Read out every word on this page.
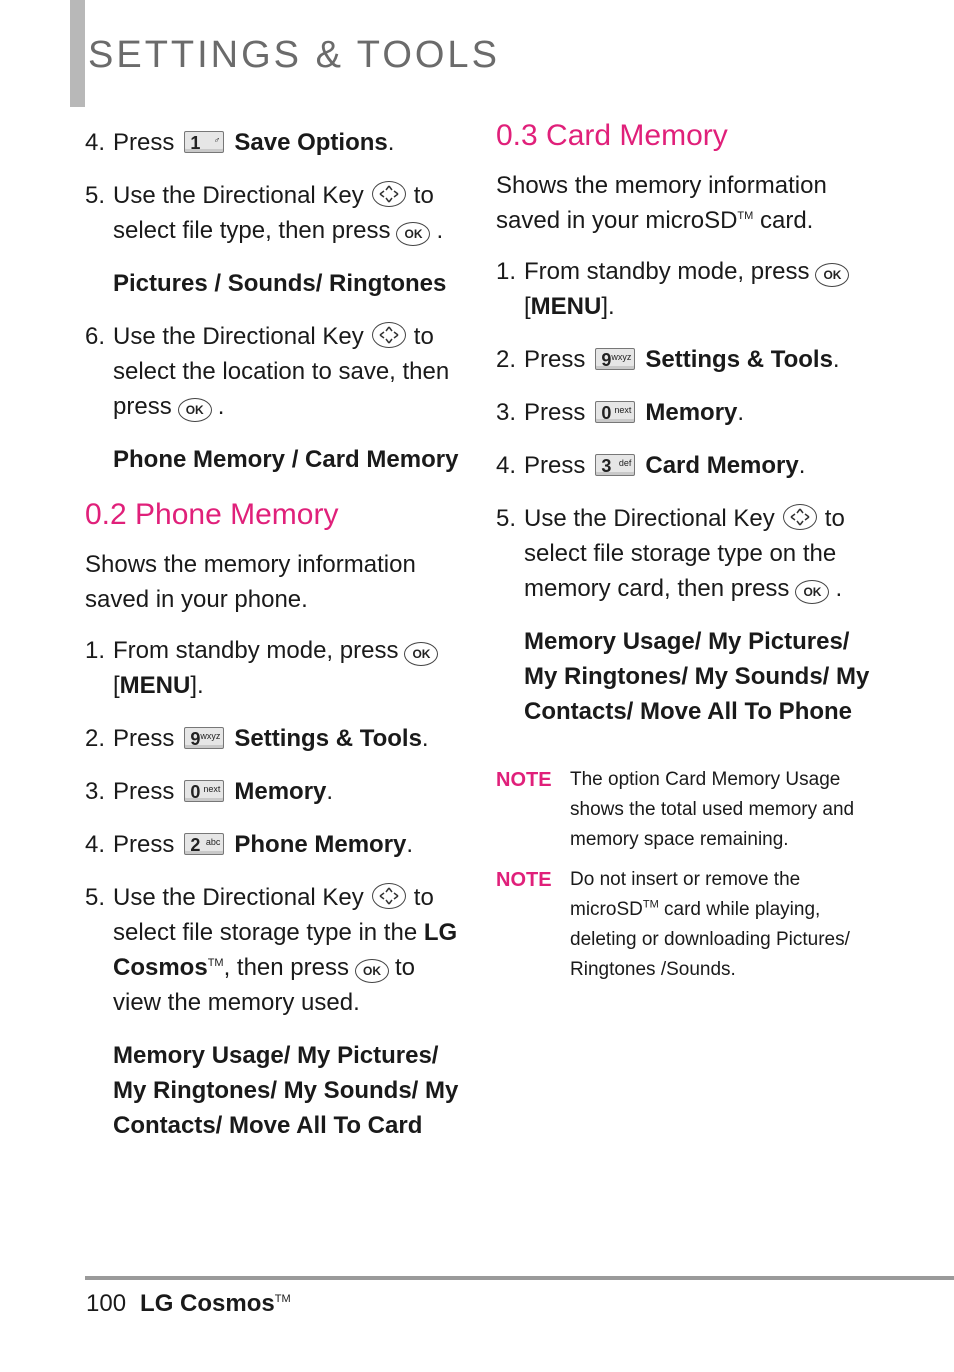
SETTINGS & TOOLS
4. Press 1 ♂ Save Options.
5. Use the Directional Key to
select file type, then press OK .
Pictures / Sounds/ Ringtones
6. Use the Directional Key to
select the location to save, then
press OK .
Phone Memory / Card Memory
0.2 Phone Memory

Shows the memory information saved in your phone.

1. From standby mode, press OK
[MENU].
2. Press 9 wxyz Settings & Tools.
3. Press 0 next Memory.
4. Press 2 abc Phone Memory.
5. Use the Directional Key to
select file storage type in the LG
Cosmos™, then press OK to
view the memory used.
Memory Usage/ My Pictures/ My Ringtones/ My Sounds/ My Contacts/ Move All To Card
0.3 Card Memory

Shows the memory information saved in your microSD™ card.

1. From standby mode, press OK
[MENU].
2. Press 9 wxyz Settings & Tools.
3. Press 0 next Memory.
4. Press 3 def Card Memory.
5. Use the Directional Key to
select file storage type on the
memory card, then press OK .
Memory Usage/ My Pictures/ My Ringtones/ My Sounds/ My Contacts/ Move All To Phone
NOTE The option Card Memory Usage shows the total used memory and memory space remaining.
NOTE Do not insert or remove the microSD™ card while playing, deleting or downloading Pictures/ Ringtones /Sounds.
100 LG Cosmos™
